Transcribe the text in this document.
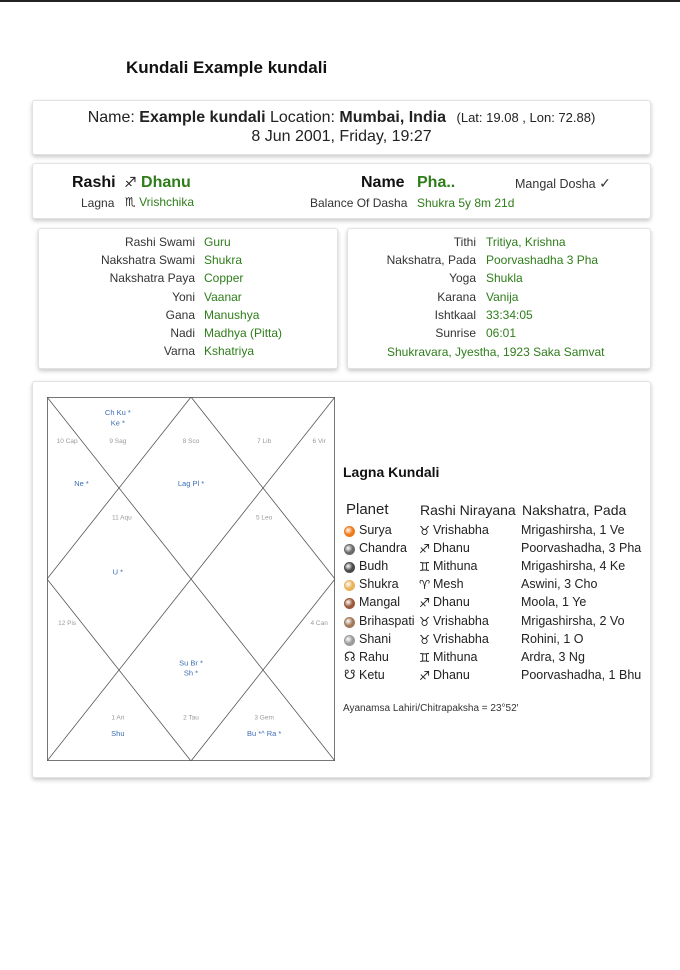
Kundali Example kundali
Name: Example kundali Location: Mumbai, India (Lat: 19.08 , Lon: 72.88)
8 Jun 2001, Friday, 19:27
Rashi ♐ Dhanu
Lagna ♏ Vrishchika
Name Pha..
Balance Of Dasha Shukra 5y 8m 21d
Mangal Dosha ✓
Rashi Swami Guru
Nakshatra Swami Shukra
Nakshatra Paya Copper
Yoni Vaanar
Gana Manushya
Nadi Madhya (Pitta)
Varna Kshatriya
Tithi Tritiya, Krishna
Nakshatra, Pada Poorvashadha 3 Pha
Yoga Shukla
Karana Vanija
Ishtkaal 33:34:05
Sunrise 06:01
Shukravara, Jyestha, 1923 Saka Samvat
1 Ari
Shu
2 Tau	3 Gem
Bu *^ Ra *
4 Can
5 Leo
6 Vir
7 Lib
8 Sco
Lag Pl *
9 Sag
Ch Ku *
Ke *
10 Cap
Ne *
11 Aqu
U *
12 Pis
Su Br *
Sh *
Lagna Kundali
Planet Rashi Nirayana Nakshatra, Pada
Surya ♉ Vrishabha	Mrigashirsha, 1 Ve
Chandra ♐ Dhanu	Poorvashadha, 3 Pha
Budh ♊ Mithuna	Mrigashirsha, 4 Ke
Shukra ♈ Mesh	Aswini, 3 Cho
Mangal ♐ Dhanu	Moola, 1 Ye
Brihaspati ♉ Vrishabha	Mrigashirsha, 2 Vo
Shani ♉ Vrishabha	Rohini, 1 O
☊ Rahu ♊ Mithuna	Ardra, 3 Ng
☋ Ketu	♐ Dhanu	Poorvashadha, 1 Bhu
Ayanamsa Lahiri/Chitrapaksha = 23°52'
